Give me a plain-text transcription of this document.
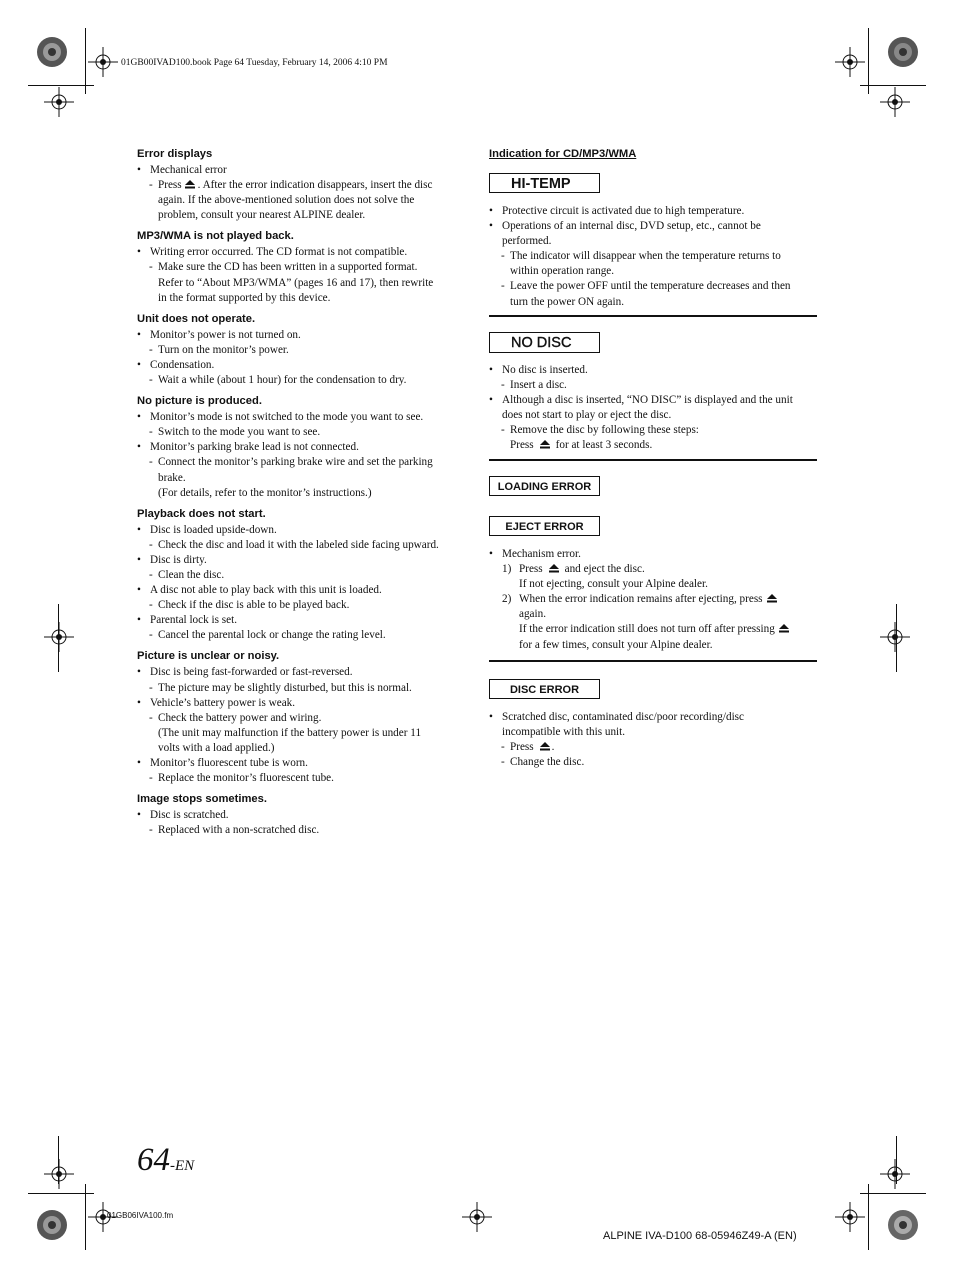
01GB00IVAD100.book Page 64 Tuesday, February 14, 2006 4:10 PM
Error displays
• Mechanical error
- Press . After the error indication disappears, insert the disc
again. If the above-mentioned solution does not solve the
problem, consult your nearest ALPINE dealer.
MP3/WMA is not played back.
• Writing error occurred. The CD format is not compatible.
- Make sure the CD has been written in a supported format.
Refer to “About MP3/WMA” (pages 16 and 17), then rewrite
in the format supported by this device.
Unit does not operate.
• Monitor’s power is not turned on.
- Turn on the monitor’s power.
• Condensation.
- Wait a while (about 1 hour) for the condensation to dry.
No picture is produced.
• Monitor’s mode is not switched to the mode you want to see.
- Switch to the mode you want to see.
• Monitor’s parking brake lead is not connected.
- Connect the monitor’s parking brake wire and set the parking
brake.
(For details, refer to the monitor’s instructions.)
Playback does not start.
• Disc is loaded upside-down.
- Check the disc and load it with the labeled side facing upward.
• Disc is dirty.
- Clean the disc.
• A disc not able to play back with this unit is loaded.
- Check if the disc is able to be played back.
• Parental lock is set.
- Cancel the parental lock or change the rating level.
Picture is unclear or noisy.
• Disc is being fast-forwarded or fast-reversed.
- The picture may be slightly disturbed, but this is normal.
• Vehicle’s battery power is weak.
- Check the battery power and wiring.
(The unit may malfunction if the battery power is under 11
volts with a load applied.)
• Monitor’s fluorescent tube is worn.
- Replace the monitor’s fluorescent tube.
Image stops sometimes.
• Disc is scratched.
- Replaced with a non-scratched disc.
Indication for CD/MP3/WMA
HI-TEMP
• Protective circuit is activated due to high temperature.
• Operations of an internal disc, DVD setup, etc., cannot be
performed.
- The indicator will disappear when the temperature returns to
within operation range.
- Leave the power OFF until the temperature decreases and then
turn the power ON again.
NO DISC
• No disc is inserted.
- Insert a disc.
• Although a disc is inserted, “NO DISC” is displayed and the unit
does not start to play or eject the disc.
- Remove the disc by following these steps:
Press for at least 3 seconds.
LOADING ERROR
EJECT ERROR
• Mechanism error.
1) Press and eject the disc.
If not ejecting, consult your Alpine dealer.
2) When the error indication remains after ejecting, press
again.
If the error indication still does not turn off after pressing
for a few times, consult your Alpine dealer.
DISC ERROR
• Scratched disc, contaminated disc/poor recording/disc
incompatible with this unit.
- Press .
- Change the disc.
64-EN
01GB06IVA100.fm
ALPINE IVA-D100 68-05946Z49-A (EN)
